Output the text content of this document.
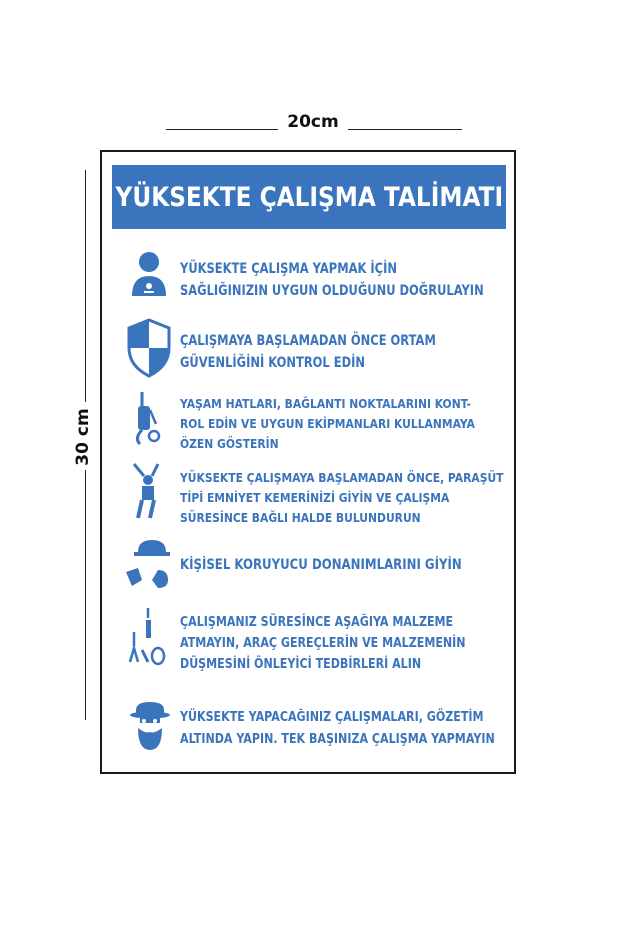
20cm
30 cm
YÜKSEKTE ÇALIŞMA TALİMATI
YÜKSEKTE ÇALIŞMA YAPMAK İÇİN
SAĞLIĞINIZIN UYGUN OLDUĞUNU DOĞRULAYIN
ÇALIŞMAYA BAŞLAMADAN ÖNCE ORTAM
GÜVENLİĞİNİ KONTROL EDİN
YAŞAM HATLARI, BAĞLANTI NOKTALARINI KONT-
ROL EDİN VE UYGUN EKİPMANLARI KULLANMAYA
ÖZEN GÖSTERİN
YÜKSEKTE ÇALIŞMAYA BAŞLAMADAN ÖNCE, PARAŞÜT
TİPİ EMNİYET KEMERİNİZİ GİYİN VE ÇALIŞMA
SÜRESİNCE BAĞLI HALDE BULUNDURUN
KİŞİSEL KORUYUCU DONANIMLARINI GİYİN
ÇALIŞMANIZ SÜRESİNCE AŞAĞIYA MALZEME
ATMAYIN, ARAÇ GEREÇLERİN VE MALZEMENİN
DÜŞMESİNİ ÖNLEYİCİ TEDBİRLERİ ALIN
YÜKSEKTE YAPACAĞINIZ ÇALIŞMALARI, GÖZETİM
ALTINDA YAPIN. TEK BAŞINIZA ÇALIŞMA YAPMAYIN
